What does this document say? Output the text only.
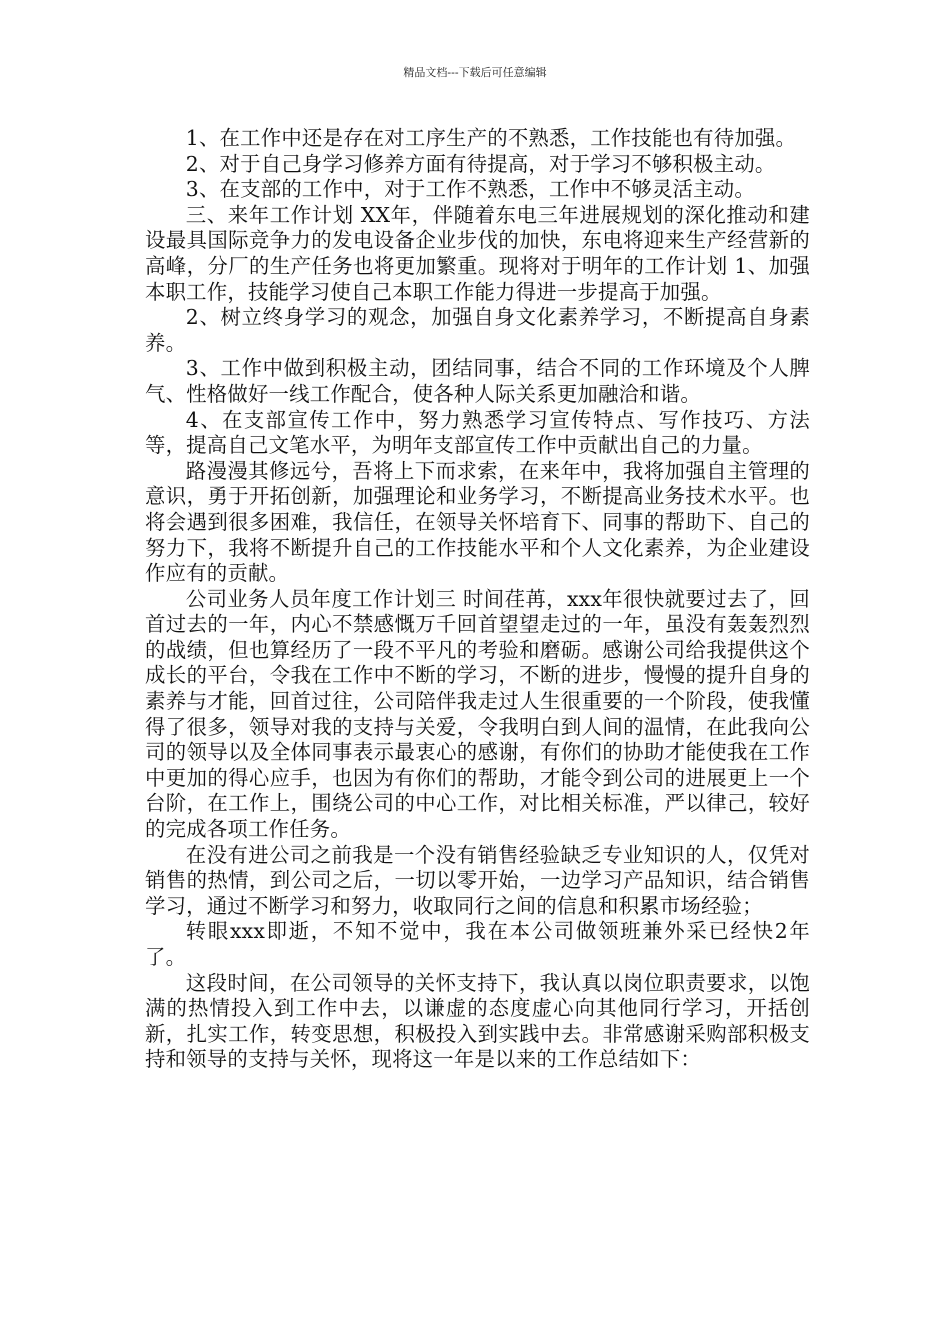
精品文档---下载后可任意编辑

1、在工作中还是存在对工序生产的不熟悉，工作技能也有待加强。

2、对于自己身学习修养方面有待提高，对于学习不够积极主动。

3、在支部的工作中，对于工作不熟悉，工作中不够灵活主动。

三、来年工作计划 XX年，伴随着东电三年进展规划的深化推动和建设最具国际竞争力的发电设备企业步伐的加快，东电将迎来生产经营新的高峰，分厂的生产任务也将更加繁重。现将对于明年的工作计划 1、加强本职工作，技能学习使自己本职工作能力得进一步提高于加强。

2、树立终身学习的观念，加强自身文化素养学习，不断提高自身素养。

3、工作中做到积极主动，团结同事，结合不同的工作环境及个人脾气、性格做好一线工作配合，使各种人际关系更加融洽和谐。

4、在支部宣传工作中，努力熟悉学习宣传特点、写作技巧、方法等，提高自己文笔水平，为明年支部宣传工作中贡献出自己的力量。

路漫漫其修远兮，吾将上下而求索，在来年中，我将加强自主管理的意识，勇于开拓创新，加强理论和业务学习，不断提高业务技术水平。也将会遇到很多困难，我信任，在领导关怀培育下、同事的帮助下、自己的努力下，我将不断提升自己的工作技能水平和个人文化素养，为企业建设作应有的贡献。

公司业务人员年度工作计划三 时间荏苒，xxx年很快就要过去了，回首过去的一年，内心不禁感慨万千回首望望走过的一年，虽没有轰轰烈烈的战绩，但也算经历了一段不平凡的考验和磨砺。感谢公司给我提供这个成长的平台，令我在工作中不断的学习，不断的进步，慢慢的提升自身的素养与才能，回首过往，公司陪伴我走过人生很重要的一个阶段，使我懂得了很多，领导对我的支持与关爱，令我明白到人间的温情，在此我向公司的领导以及全体同事表示最衷心的感谢，有你们的协助才能使我在工作中更加的得心应手，也因为有你们的帮助，才能令到公司的进展更上一个台阶，在工作上，围绕公司的中心工作，对比相关标准，严以律己，较好的完成各项工作任务。

在没有进公司之前我是一个没有销售经验缺乏专业知识的人，仅凭对销售的热情，到公司之后，一切以零开始，一边学习产品知识，结合销售学习，通过不断学习和努力，收取同行之间的信息和积累市场经验；

转眼xxx即逝，不知不觉中，我在本公司做领班兼外采已经快2年了。

这段时间，在公司领导的关怀支持下，我认真以岗位职责要求，以饱满的热情投入到工作中去，以谦虚的态度虚心向其他同行学习，开括创新，扎实工作，转变思想，积极投入到实践中去。非常感谢采购部积极支持和领导的支持与关怀，现将这一年是以来的工作总结如下：
